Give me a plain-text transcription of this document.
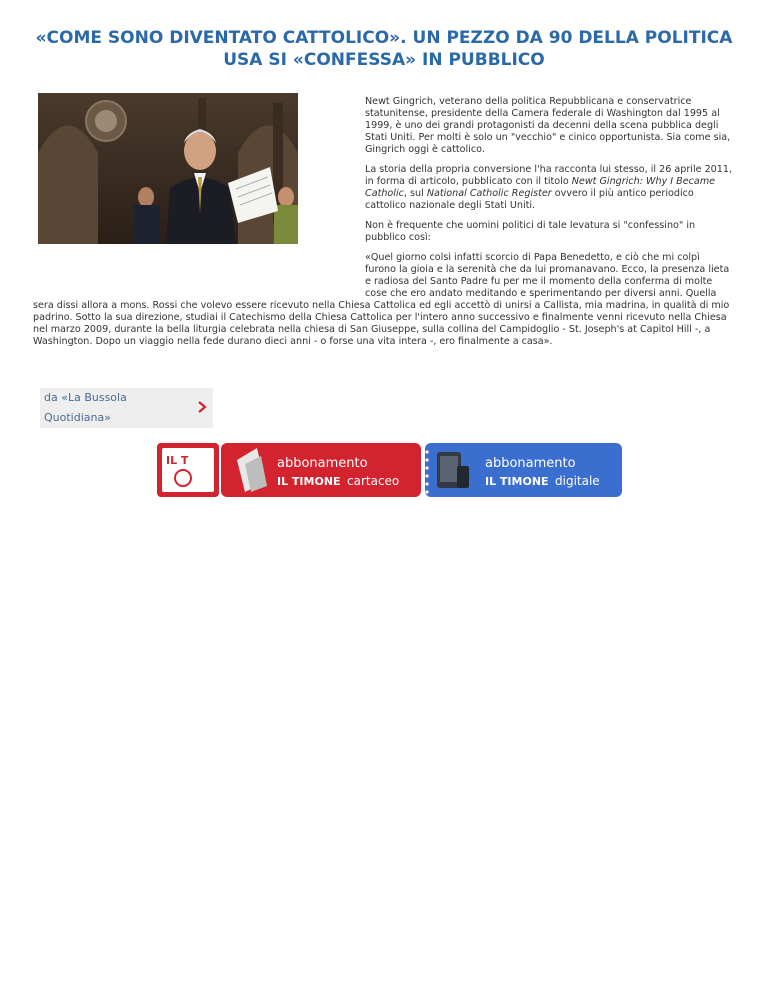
«COME SONO DIVENTATO CATTOLICO». UN PEZZO DA 90 DELLA POLITICA USA SI «CONFESSA» IN PUBBLICO

Newt Gingrich, veterano della politica Repubblicana e conservatrice statunitense, presidente della Camera federale di Washington dal 1995 al 1999, è uno dei grandi protagonisti da decenni della scena pubblica degli Stati Uniti. Per molti è solo un "vecchio" e cinico opportunista. Sia come sia, Gingrich oggi è cattolico.

La storia della propria conversione l'ha racconta lui stesso, il 26 aprile 2011, in forma di articolo, pubblicato con il titolo Newt Gingrich: Why I Became Catholic, sul National Catholic Register ovvero il più antico periodico cattolico nazionale degli Stati Uniti.

Non è frequente che uomini politici di tale levatura si "confessino" in pubblico così:

«Quel giorno colsi infatti scorcio di Papa Benedetto, e ciò che mi colpì furono la gioia e la serenità che da lui promanavano. Ecco, la presenza lieta e radiosa del Santo Padre fu per me il momento della conferma di molte cose che ero andato meditando e sperimentando per diversi anni. Quella sera dissi allora a mons. Rossi che volevo essere ricevuto nella Chiesa Cattolica ed egli accettò di unirsi a Callista, mia madrina, in qualità di mio padrino. Sotto la sua direzione, studiai il Catechismo della Chiesa Cattolica per l'intero anno successivo e finalmente venni ricevuto nella Chiesa nel marzo 2009, durante la bella liturgia celebrata nella chiesa di San Giuseppe, sulla collina del Campidoglio - St. Joseph's at Capitol Hill -, a Washington. Dopo un viaggio nella fede durano dieci anni - o forse una vita intera -, ero finalmente a casa».

da «La Bussola Quotidiana»
IL T	abbonamento
IL TIMONE cartaceo
abbonamento
IL TIMONE digitale
